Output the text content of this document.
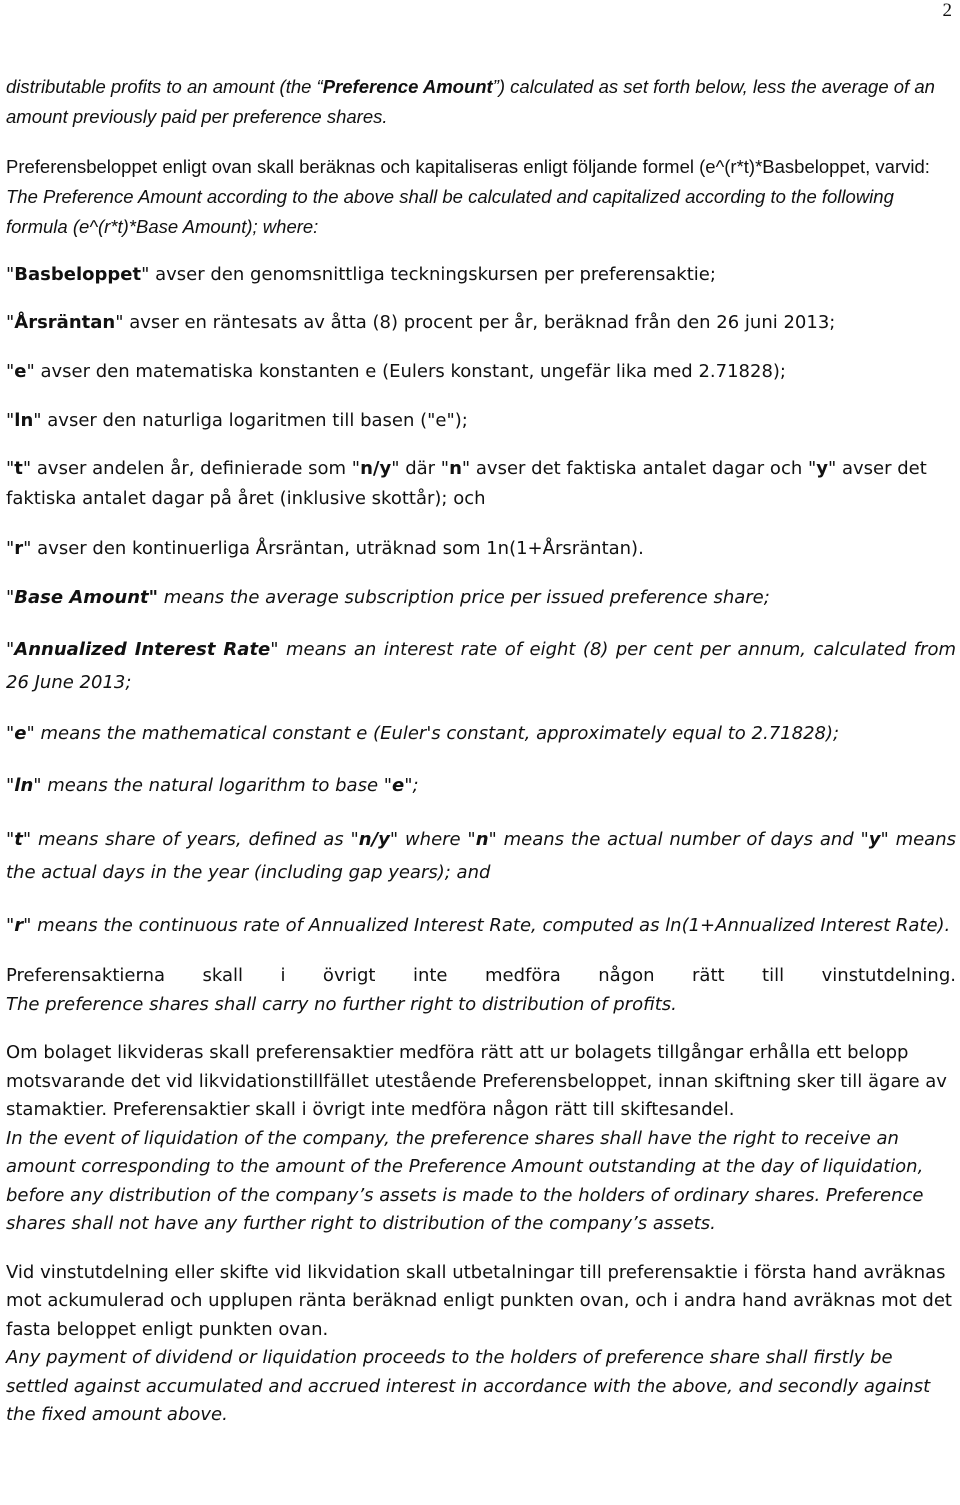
2

distributable profits to an amount (the “Preference Amount”) calculated as set forth below, less the average of an amount previously paid per preference shares.

Preferensbeloppet enligt ovan skall beräknas och kapitaliseras enligt följande formel (e^(r*t)*Basbeloppet, varvid:

The Preference Amount according to the above shall be calculated and capitalized according to the following formula (e^(r*t)*Base Amount); where:

"Basbeloppet" avser den genomsnittliga teckningskursen per preferensaktie;

"Årsräntan" avser en räntesats av åtta (8) procent per år, beräknad från den 26 juni 2013;

"e" avser den matematiska konstanten e (Eulers konstant, ungefär lika med 2.71828);

"ln" avser den naturliga logaritmen till basen ("e");

"t" avser andelen år, definierade som "n/y" där "n" avser det faktiska antalet dagar och "y" avser det faktiska antalet dagar på året (inklusive skottår); och

"r" avser den kontinuerliga Årsräntan, uträknad som 1n(1+Årsräntan).

"Base Amount" means the average subscription price per issued preference share;

"Annualized Interest Rate" means an interest rate of eight (8) per cent per annum, calculated from 26 June 2013;

"e" means the mathematical constant e (Euler's constant, approximately equal to 2.71828);

"ln" means the natural logarithm to base "e";

"t" means share of years, defined as "n/y" where "n" means the actual number of days and "y" means the actual days in the year (including gap years); and

"r" means the continuous rate of Annualized Interest Rate, computed as ln(1+Annualized Interest Rate).

Preferensaktierna skall i övrigt inte medföra någon rätt till vinstutdelning.

The preference shares shall carry no further right to distribution of profits.

Om bolaget likvideras skall preferensaktier medföra rätt att ur bolagets tillgångar erhålla ett belopp motsvarande det vid likvidationstillfället utestående Preferensbeloppet, innan skiftning sker till ägare av stamaktier. Preferensaktier skall i övrigt inte medföra någon rätt till skiftesandel.

In the event of liquidation of the company, the preference shares shall have the right to receive an amount corresponding to the amount of the Preference Amount outstanding at the day of liquidation, before any distribution of the company’s assets is made to the holders of ordinary shares. Preference shares shall not have any further right to distribution of the company’s assets.

Vid vinstutdelning eller skifte vid likvidation skall utbetalningar till preferensaktie i första hand avräknas mot ackumulerad och upplupen ränta beräknad enligt punkten ovan, och i andra hand avräknas mot det fasta beloppet enligt punkten ovan.

Any payment of dividend or liquidation proceeds to the holders of preference share shall firstly be settled against accumulated and accrued interest in accordance with the above, and secondly against the fixed amount above.
